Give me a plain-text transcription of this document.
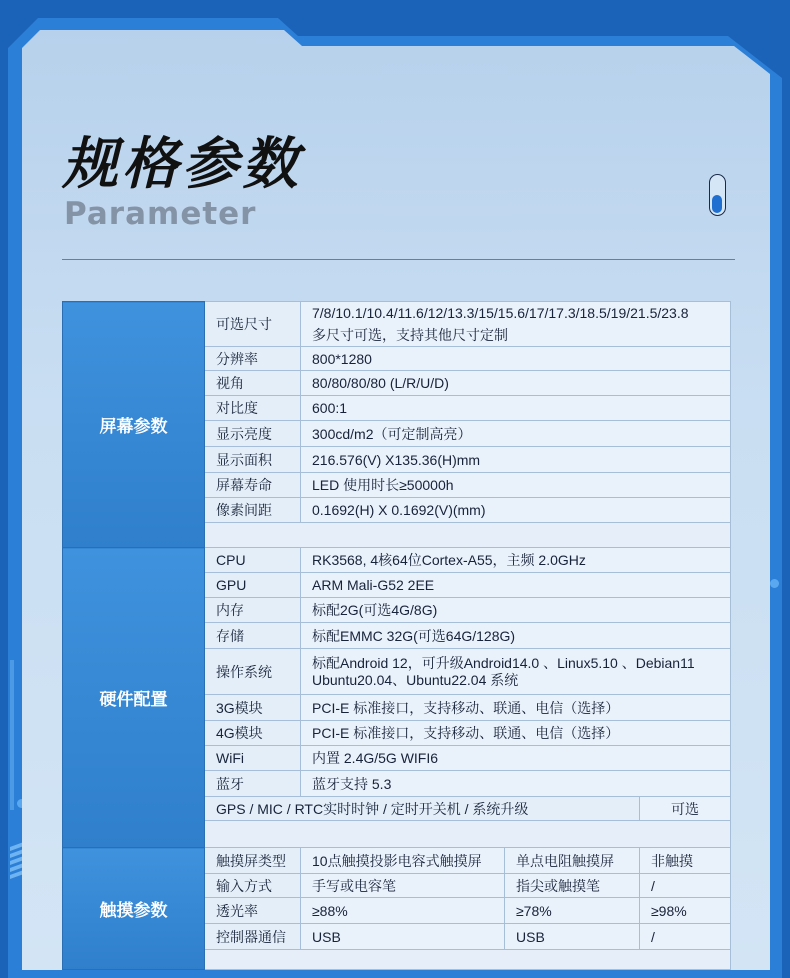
规格参数
Parameter
屏幕参数	可选尺寸	7/8/10.1/10.4/11.6/12/13.3/15/15.6/17/17.3/18.5/19/21.5/23.8
多尺寸可选，支持其他尺寸定制		

	分辨率	800*1280		
	视角	80/80/80/80 (L/R/U/D)		
	对比度	600:1		
	显示亮度	300cd/m2（可定制高亮）		
	显示面积	216.576(V) X135.36(H)mm		
	屏幕寿命	LED 使用时长≥50000h		
	像素间距	0.1692(H) X 0.1692(V)(mm)		

硬件配置	CPU	RK3568, 4核64位Cortex-A55，主频 2.0GHz		
	GPU	ARM Mali-G52 2EE		
	内存	标配2G(可选4G/8G)		
	存储	标配EMMC 32G(可选64G/128G)		
	操作系统	标配Android 12，可升级Android14.0 、Linux5.10 、Debian11
Ubuntu20.04、Ubuntu22.04 系统		

	3G模块	PCI-E 标准接口，支持移动、联通、电信（选择）		
	4G模块	PCI-E 标准接口，支持移动、联通、电信（选择）		
	WiFi	内置 2.4G/5G WIFI6		
	蓝牙	蓝牙支持 5.3		
	GPS / MIC / RTC实时时钟 / 定时开关机 / 系统升级			可选

触摸参数	触摸屏类型	10点触摸投影电容式触摸屏	单点电阻触摸屏	非触摸
	输入方式	手写或电容笔	指尖或触摸笔	/
	透光率	≥88%	≥78%	≥98%
	控制器通信	USB	USB	/
